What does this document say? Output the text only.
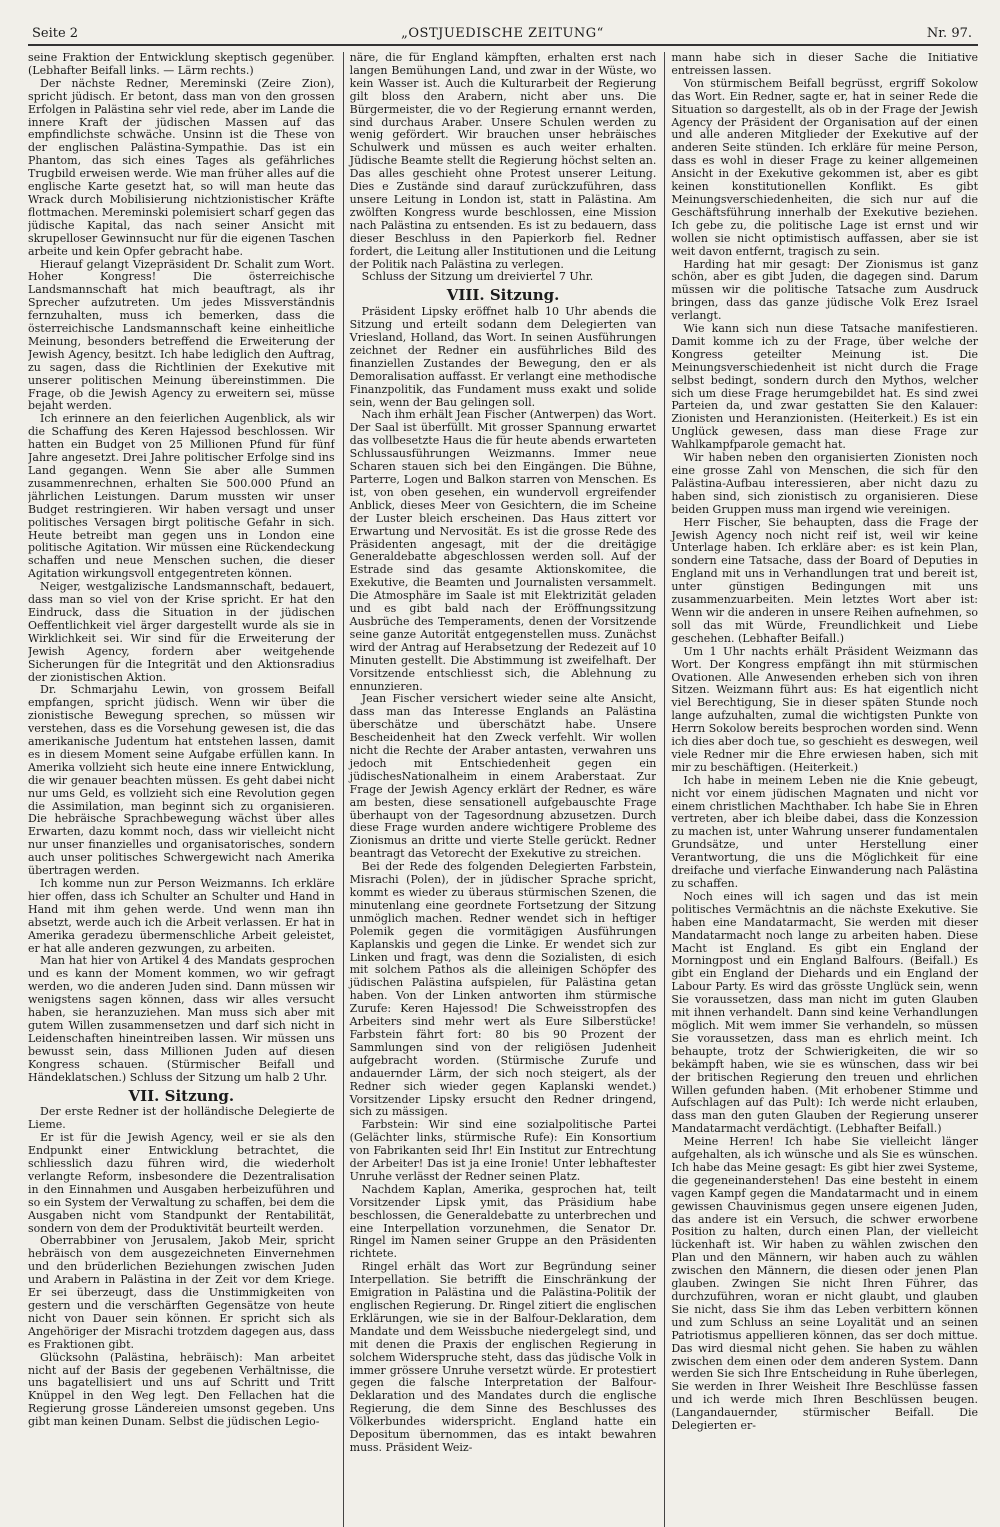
Seite 2	„OSTJUEDISCHE ZEITUNG“	Nr. 97.

seine Fraktion der Entwicklung skeptisch gegenüber. (Lebhafter Beifall links. — Lärm rechts.)

Der nächste Redner, Mereminski (Zeire Zion), spricht jüdisch. Er betont, dass man von den grossen Erfolgen in Palästina sehr viel rede, aber im Lande die innere Kraft der jüdischen Massen auf das empfindlichste schwäche. Unsinn ist die These von der englischen Palästina-Sympathie. Das ist ein Phantom, das sich eines Tages als gefährliches Trugbild erweisen werde. Wie man früher alles auf die englische Karte gesetzt hat, so will man heute das Wrack durch Mobilisierung nichtzionistischer Kräfte flottmachen. Mereminski polemisiert scharf gegen das jüdische Kapital, das nach seiner Ansicht mit skrupelloser Gewinnsucht nur für die eigenen Taschen arbeite und kein Opfer gebracht habe.

Hierauf gelangt Vizepräsident Dr. Schalit zum Wort. Hoher Kongress! Die österreichische Landsmannschaft hat mich beauftragt, als ihr Sprecher aufzutreten. Um jedes Missverständnis fernzuhalten, muss ich bemerken, dass die österreichische Landsmannschaft keine einheitliche Meinung, besonders betreffend die Erweiterung der Jewish Agency, besitzt. Ich habe lediglich den Auftrag, zu sagen, dass die Richtlinien der Exekutive mit unserer politischen Meinung übereinstimmen. Die Frage, ob die Jewish Agency zu erweitern sei, müsse bejaht werden.

Ich erinnere an den feierlichen Augenblick, als wir die Schaffung des Keren Hajessod beschlossen. Wir hatten ein Budget von 25 Millionen Pfund für fünf Jahre angesetzt. Drei Jahre politischer Erfolge sind ins Land gegangen. Wenn Sie aber alle Summen zusammenrechnen, erhalten Sie 500.000 Pfund an jährlichen Leistungen. Darum mussten wir unser Budget restringieren. Wir haben versagt und unser politisches Versagen birgt politische Gefahr in sich. Heute betreibt man gegen uns in London eine politische Agitation. Wir müssen eine Rückendeckung schaffen und neue Menschen suchen, die dieser Agitation wirkungsvoll entgegentreten können.

Neiger, westgalizische Landsmannschaft, bedauert, dass man so viel von der Krise spricht. Er hat den Eindruck, dass die Situation in der jüdischen Oeffentlichkeit viel ärger dargestellt wurde als sie in Wirklichkeit sei. Wir sind für die Erweiterung der Jewish Agency, fordern aber weitgehende Sicherungen für die Integrität und den Aktionsradius der zionistischen Aktion.

Dr. Schmarjahu Lewin, von grossem Beifall empfangen, spricht jüdisch. Wenn wir über die zionistische Bewegung sprechen, so müssen wir verstehen, dass es die Vorsehung gewesen ist, die das amerikanische Judentum hat entstehen lassen, damit es in diesem Moment seine Aufgabe erfüllen kann. In Amerika vollzieht sich heute eine innere Entwicklung, die wir genauer beachten müssen. Es geht dabei nicht nur ums Geld, es vollzieht sich eine Revolution gegen die Assimilation, man beginnt sich zu organisieren. Die hebräische Sprachbewegung wächst über alles Erwarten, dazu kommt noch, dass wir vielleicht nicht nur unser finanzielles und organisatorisches, sondern auch unser politisches Schwergewicht nach Amerika übertragen werden.

Ich komme nun zur Person Weizmanns. Ich erkläre hier offen, dass ich Schulter an Schulter und Hand in Hand mit ihm gehen werde. Und wenn man ihn absetzt, werde auch ich die Arbeit verlassen. Er hat in Amerika geradezu übermenschliche Arbeit geleistet, er hat alle anderen gezwungen, zu arbeiten.

Man hat hier von Artikel 4 des Mandats gesprochen und es kann der Moment kommen, wo wir gefragt werden, wo die anderen Juden sind. Dann müssen wir wenigstens sagen können, dass wir alles versucht haben, sie heranzuziehen. Man muss sich aber mit gutem Willen zusammensetzen und darf sich nicht in Leidenschaften hineintreiben lassen. Wir müssen uns bewusst sein, dass Millionen Juden auf diesen Kongress schauen. (Stürmischer Beifall und Händeklatschen.) Schluss der Sitzung um halb 2 Uhr.

VII. Sitzung.

Der erste Redner ist der holländische Delegierte de Lieme.

Er ist für die Jewish Agency, weil er sie als den Endpunkt einer Entwicklung betrachtet, die schliesslich dazu führen wird, die wiederholt verlangte Reform, insbesondere die Dezentralisation in den Einnahmen und Ausgaben herbeizuführen und so ein System der Verwaltung zu schaffen, bei dem die Ausgaben nicht vom Standpunkt der Rentabilität, sondern von dem der Produktivität beurteilt werden.

Oberrabbiner von Jerusalem, Jakob Meir, spricht hebräisch von dem ausgezeichneten Einvernehmen und den brüderlichen Beziehungen zwischen Juden und Arabern in Palästina in der Zeit vor dem Kriege. Er sei überzeugt, dass die Unstimmigkeiten von gestern und die verschärften Gegensätze von heute nicht von Dauer sein können. Er spricht sich als Angehöriger der Misrachi trotzdem dagegen aus, dass es Fraktionen gibt.

Glücksohn (Palästina, hebräisch): Man arbeitet nicht auf der Basis der gegebenen Verhältnisse, die uns bagatellisiert und uns auf Schritt und Tritt Knüppel in den Weg legt. Den Fellachen hat die Regierung grosse Ländereien umsonst gegeben. Uns gibt man keinen Dunam. Selbst die jüdischen Legio-

näre, die für England kämpften, erhalten erst nach langen Bemühungen Land, und zwar in der Wüste, wo kein Wasser ist. Auch die Kulturarbeit der Regierung gilt bloss den Arabern, nicht aber uns. Die Bürgermeister, die vo der Regierung ernannt werden, sind durchaus Araber. Unsere Schulen werden zu wenig gefördert. Wir brauchen unser hebräisches Schulwerk und müssen es auch weiter erhalten. Jüdische Beamte stellt die Regierung höchst selten an. Das alles geschieht ohne Protest unserer Leitung. Dies e Zustände sind darauf zurückzuführen, dass unsere Leitung in London ist, statt in Palästina. Am zwölften Kongress wurde beschlossen, eine Mission nach Palästina zu entsenden. Es ist zu bedauern, dass dieser Beschluss in den Papierkorb fiel. Redner fordert, die Leitung aller Institutionen und die Leitung der Politik nach Palästina zu verlegen.

Schluss der Sitzung um dreiviertel 7 Uhr.

VIII. Sitzung.

Präsident Lipsky eröffnet halb 10 Uhr abends die Sitzung und erteilt sodann dem Delegierten van Vriesland, Holland, das Wort. In seinen Ausführungen zeichnet der Redner ein ausführliches Bild des finanziellen Zustandes der Bewegung, den er als Demoralisation auffasst. Er verlangt eine methodische Finanzpolitik, das Fundament muss exakt und solide sein, wenn der Bau gelingen soll.

Nach ihm erhält Jean Fischer (Antwerpen) das Wort. Der Saal ist überfüllt. Mit grosser Spannung erwartet das vollbesetzte Haus die für heute abends erwarteten Schlussausführungen Weizmanns. Immer neue Scharen stauen sich bei den Eingängen. Die Bühne, Parterre, Logen und Balkon starren von Menschen. Es ist, von oben gesehen, ein wundervoll ergreifender Anblick, dieses Meer von Gesichtern, die im Scheine der Luster bleich erscheinen. Das Haus zittert vor Erwartung und Nervosität. Es ist die grosse Rede des Präsidenten angesagt, mit der die dreitägige Generaldebatte abgeschlossen werden soll. Auf der Estrade sind das gesamte Aktionskomitee, die Exekutive, die Beamten und Journalisten versammelt. Die Atmosphäre im Saale ist mit Elektrizität geladen und es gibt bald nach der Eröffnungssitzung Ausbrüche des Temperaments, denen der Vorsitzende seine ganze Autorität entgegenstellen muss. Zunächst wird der Antrag auf Herabsetzung der Redezeit auf 10 Minuten gestellt. Die Abstimmung ist zweifelhaft. Der Vorsitzende entschliesst sich, die Ablehnung zu ennunzieren.

Jean Fischer versichert wieder seine alte Ansicht, dass man das Interesse Englands an Palästina überschätze und überschätzt habe. Unsere Bescheidenheit hat den Zweck verfehlt. Wir wollen nicht die Rechte der Araber antasten, verwahren uns jedoch mit Entschiedenheit gegen ein jüdischesNationalheim in einem Araberstaat. Zur Frage der Jewish Agency erklärt der Redner, es wäre am besten, diese sensationell aufgebauschte Frage überhaupt von der Tagesordnung abzusetzen. Durch diese Frage wurden andere wichtigere Probleme des Zionismus an dritte und vierte Stelle gerückt. Redner beantragt das Vetorecht der Exekutive zu streichen.

Bei der Rede des folgenden Delegierten Farbstein, Misrachi (Polen), der in jüdischer Sprache spricht, kommt es wieder zu überaus stürmischen Szenen, die minutenlang eine geordnete Fortsetzung der Sitzung unmöglich machen. Redner wendet sich in heftiger Polemik gegen die vormitägigen Ausführungen Kaplanskis und gegen die Linke. Er wendet sich zur Linken und fragt, was denn die Sozialisten, di esich mit solchem Pathos als die alleinigen Schöpfer des jüdischen Palästina aufspielen, für Palästina getan haben. Von der Linken antworten ihm stürmische Zurufe: Keren Hajessod! Die Schweisstropfen des Arbeiters sind mehr wert als Eure Silberstücke! Farbstein fährt fort: 80 bis 90 Prozent der Sammlungen sind von der religiösen Judenheit aufgebracht worden. (Stürmische Zurufe und andauernder Lärm, der sich noch steigert, als der Redner sich wieder gegen Kaplanski wendet.) Vorsitzender Lipsky ersucht den Redner dringend, sich zu mässigen.

Farbstein: Wir sind eine sozialpolitische Partei (Gelächter links, stürmische Rufe): Ein Konsortium von Fabrikanten seid Ihr! Ein Institut zur Entrechtung der Arbeiter! Das ist ja eine Ironie! Unter lebhaftester Unruhe verlässt der Redner seinen Platz.

Nachdem Kaplan, Amerika, gesprochen hat, teilt Vorsitzender Lipsk ymit, das Präsidium habe beschlossen, die Generaldebatte zu unterbrechen und eine Interpellation vorzunehmen, die Senator Dr. Ringel im Namen seiner Gruppe an den Präsidenten richtete.

Ringel erhält das Wort zur Begründung seiner Interpellation. Sie betrifft die Einschränkung der Emigration in Palästina und die Palästina-Politik der englischen Regierung. Dr. Ringel zitiert die englischen Erklärungen, wie sie in der Balfour-Deklaration, dem Mandate und dem Weissbuche niedergelegt sind, und mit denen die Praxis der englischen Regierung in solchem Widerspruche steht, dass das jüdische Volk in immer grössere Unruhe versetzt würde. Er protestiert gegen die falsche Interpretation der Balfour-Deklaration und des Mandates durch die englische Regierung, die dem Sinne des Beschlusses des Völkerbundes widerspricht. England hatte ein Depositum übernommen, das es intakt bewahren muss. Präsident Weiz-

mann habe sich in dieser Sache die Initiative entreissen lassen.

Von stürmischem Beifall begrüsst, ergriff Sokolow das Wort. Ein Redner, sagte er, hat in seiner Rede die Situation so dargestellt, als ob in der Frage der Jewish Agency der Präsident der Organisation auf der einen und alle anderen Mitglieder der Exekutive auf der anderen Seite stünden. Ich erkläre für meine Person, dass es wohl in dieser Frage zu keiner allgemeinen Ansicht in der Exekutive gekommen ist, aber es gibt keinen konstitutionellen Konflikt. Es gibt Meinungsverschiedenheiten, die sich nur auf die Geschäftsführung innerhalb der Exekutive beziehen. Ich gebe zu, die politische Lage ist ernst und wir wollen sie nicht optimistisch auffassen, aber sie ist weit davon entfernt, tragisch zu sein.

Harding hat mir gesagt: Der Zionismus ist ganz schön, aber es gibt Juden, die dagegen sind. Darum müssen wir die politische Tatsache zum Ausdruck bringen, dass das ganze jüdische Volk Erez Israel verlangt.

Wie kann sich nun diese Tatsache manifestieren. Damit komme ich zu der Frage, über welche der Kongress geteilter Meinung ist. Die Meinungsverschiedenheit ist nicht durch die Frage selbst bedingt, sondern durch den Mythos, welcher sich um diese Frage herumgebildet hat. Es sind zwei Parteien da, und zwar gestatten Sie den Kalauer: Zionisten und Heranzionisten. (Heiterkeit.) Es ist ein Unglück gewesen, dass man diese Frage zur Wahlkampfparole gemacht hat.

Wir haben neben den organisierten Zionisten noch eine grosse Zahl von Menschen, die sich für den Palästina-Aufbau interessieren, aber nicht dazu zu haben sind, sich zionistisch zu organisieren. Diese beiden Gruppen muss man irgend wie vereinigen.

Herr Fischer, Sie behaupten, dass die Frage der Jewish Agency noch nicht reif ist, weil wir keine Unterlage haben. Ich erkläre aber: es ist kein Plan, sondern eine Tatsache, dass der Board of Deputies in England mit uns in Verhandlungen trat und bereit ist, unter günstigen Bedingungen mit uns zusammenzuarbeiten. Mein letztes Wort aber ist: Wenn wir die anderen in unsere Reihen aufnehmen, so soll das mit Würde, Freundlichkeit und Liebe geschehen. (Lebhafter Beifall.)

Um 1 Uhr nachts erhält Präsident Weizmann das Wort. Der Kongress empfängt ihn mit stürmischen Ovationen. Alle Anwesenden erheben sich von ihren Sitzen. Weizmann führt aus: Es hat eigentlich nicht viel Berechtigung, Sie in dieser späten Stunde noch lange aufzuhalten, zumal die wichtigsten Punkte von Herrn Sokolow bereits besprochen worden sind. Wenn ich dies aber doch tue, so geschieht es deswegen, weil viele Redner mir die Ehre erwiesen haben, sich mit mir zu beschäftigen. (Heiterkeit.)

Ich habe in meinem Leben nie die Knie gebeugt, nicht vor einem jüdischen Magnaten und nicht vor einem christlichen Machthaber. Ich habe Sie in Ehren vertreten, aber ich bleibe dabei, dass die Konzession zu machen ist, unter Wahrung unserer fundamentalen Grundsätze, und unter Herstellung einer Verantwortung, die uns die Möglichkeit für eine dreifache und vierfache Einwanderung nach Palästina zu schaffen.

Noch eines will ich sagen und das ist mein politisches Vermächtnis an die nächste Exekutive. Sie haben eine Mandatarmacht, Sie werden mit dieser Mandatarmacht noch lange zu arbeiten haben. Diese Macht ist England. Es gibt ein England der Morningpost und ein England Balfours. (Beifall.) Es gibt ein England der Diehards und ein England der Labour Party. Es wird das grösste Unglück sein, wenn Sie voraussetzen, dass man nicht im guten Glauben mit ihnen verhandelt. Dann sind keine Verhandlungen möglich. Mit wem immer Sie verhandeln, so müssen Sie voraussetzen, dass man es ehrlich meint. Ich behaupte, trotz der Schwierigkeiten, die wir so bekämpft haben, wie sie es wünschen, dass wir bei der britischen Regierung den treuen und ehrlichen Willen gefunden haben. (Mit erhobener Stimme und Aufschlagen auf das Pult): Ich werde nicht erlauben, dass man den guten Glauben der Regierung unserer Mandatarmacht verdächtigt. (Lebhafter Beifall.)

Meine Herren! Ich habe Sie vielleicht länger aufgehalten, als ich wünsche und als Sie es wünschen. Ich habe das Meine gesagt: Es gibt hier zwei Systeme, die gegeneinanderstehen! Das eine besteht in einem vagen Kampf gegen die Mandatarmacht und in einem gewissen Chauvinismus gegen unsere eigenen Juden, das andere ist ein Versuch, die schwer erworbene Position zu halten, durch einen Plan, der vielleicht lückenhaft ist. Wir haben zu wählen zwischen den Plan und den Männern, wir haben auch zu wählen zwischen den Männern, die diesen oder jenen Plan glauben. Zwingen Sie nicht Ihren Führer, das durchzuführen, woran er nicht glaubt, und glauben Sie nicht, dass Sie ihm das Leben verbittern können und zum Schluss an seine Loyalität und an seinen Patriotismus appellieren können, das ser doch mittue. Das wird diesmal nicht gehen. Sie haben zu wählen zwischen dem einen oder dem anderen System. Dann werden Sie sich Ihre Entscheidung in Ruhe überlegen, Sie werden in Ihrer Weisheit Ihre Beschlüsse fassen und ich werde mich Ihren Beschlüssen beugen. (Langandauernder, stürmischer Beifall. Die Delegierten er-
